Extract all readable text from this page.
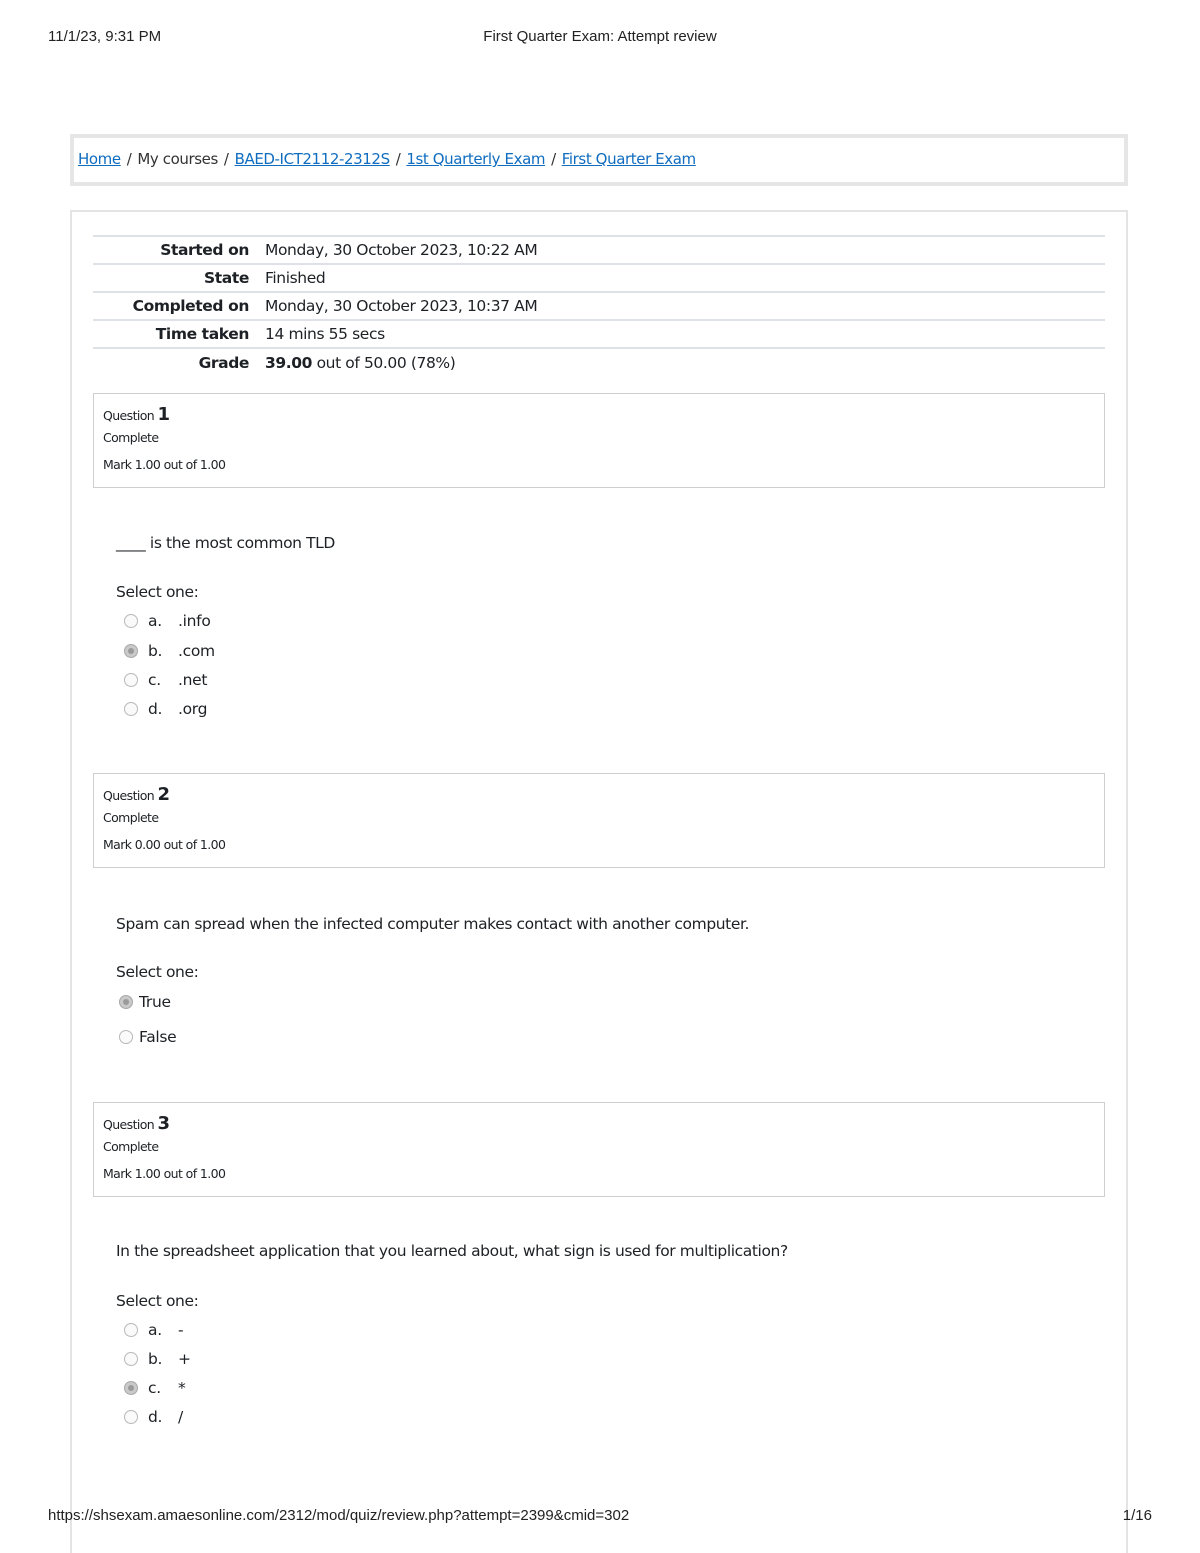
11/1/23, 9:31 PM	First Quarter Exam: Attempt review
Home / My courses / BAED-ICT2112-2312S / 1st Quarterly Exam / First Quarter Exam
Started on	Monday, 30 October 2023, 10:22 AM
State	Finished
Completed on	Monday, 30 October 2023, 10:37 AM
Time taken	14 mins 55 secs
Grade	39.00 out of 50.00 (78%)
Question 1
Complete
Mark 1.00 out of 1.00
____ is the most common TLD
Select one:
a.	.info
b.	.com
c.	.net
d.	.org
Question 2
Complete
Mark 0.00 out of 1.00
Spam can spread when the infected computer makes contact with another computer.
Select one:
True
False
Question 3
Complete
Mark 1.00 out of 1.00
In the spreadsheet application that you learned about, what sign is used for multiplication?
Select one:
a.	-
b.	+
c.	*
d.	/
https://shsexam.amaesonline.com/2312/mod/quiz/review.php?attempt=2399&cmid=302	1/16
